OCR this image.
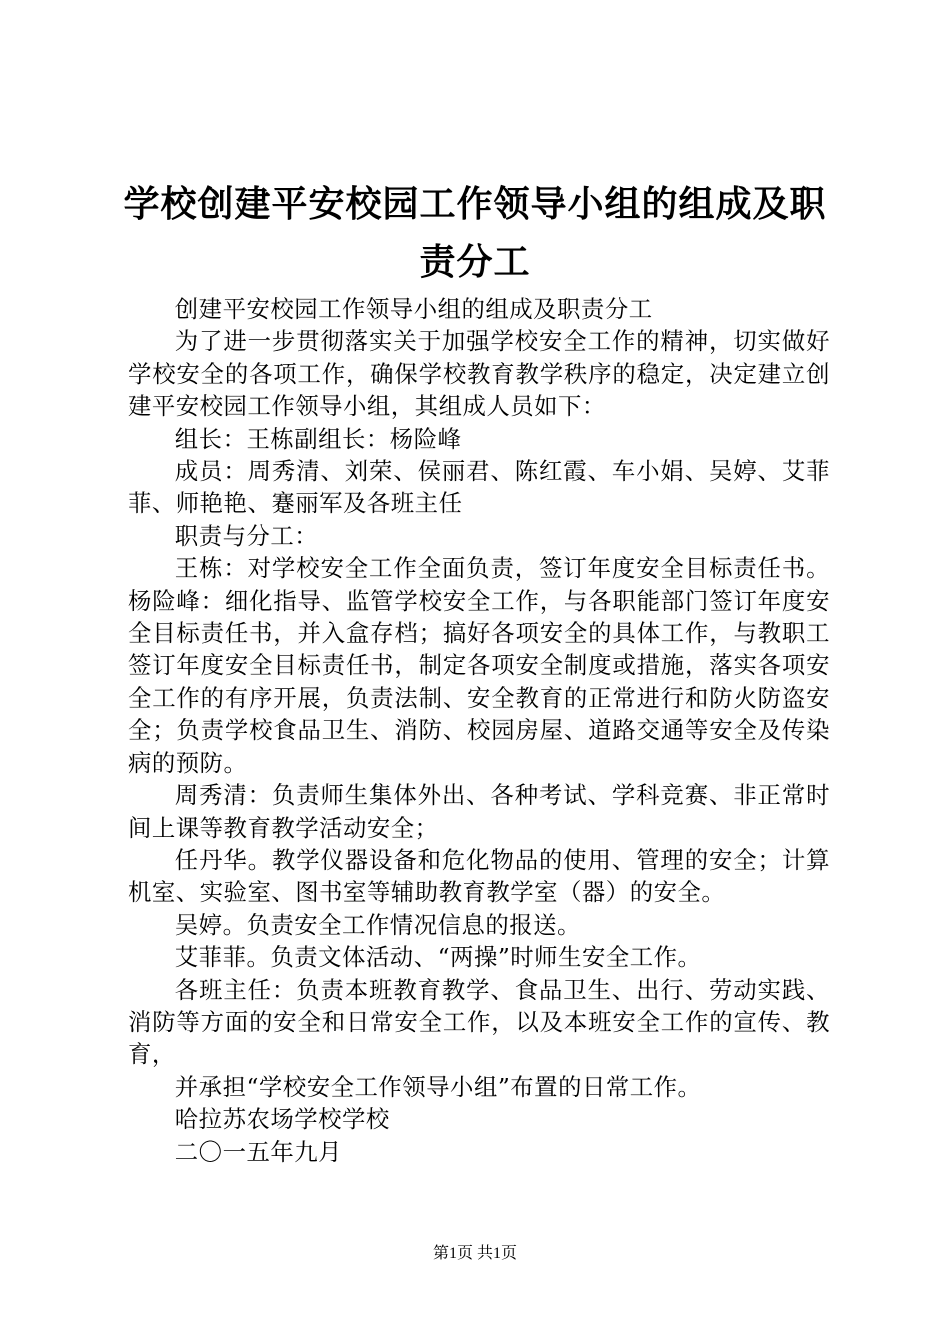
学校创建平安校园工作领导小组的组成及职责分工

创建平安校园工作领导小组的组成及职责分工

为了进一步贯彻落实关于加强学校安全工作的精神，切实做好学校安全的各项工作，确保学校教育教学秩序的稳定，决定建立创建平安校园工作领导小组，其组成人员如下：

组长：王栋副组长：杨险峰

成员：周秀清、刘荣、侯丽君、陈红霞、车小娟、吴婷、艾菲菲、师艳艳、蹇丽军及各班主任

职责与分工：

王栋：对学校安全工作全面负责，签订年度安全目标责任书。杨险峰：细化指导、监管学校安全工作，与各职能部门签订年度安全目标责任书，并入盒存档；搞好各项安全的具体工作，与教职工签订年度安全目标责任书，制定各项安全制度或措施，落实各项安全工作的有序开展，负责法制、安全教育的正常进行和防火防盗安全；负责学校食品卫生、消防、校园房屋、道路交通等安全及传染病的预防。

周秀清：负责师生集体外出、各种考试、学科竞赛、非正常时间上课等教育教学活动安全；

任丹华。教学仪器设备和危化物品的使用、管理的安全；计算机室、实验室、图书室等辅助教育教学室（器）的安全。

吴婷。负责安全工作情况信息的报送。

艾菲菲。负责文体活动、“两操”时师生安全工作。

各班主任：负责本班教育教学、食品卫生、出行、劳动实践、消防等方面的安全和日常安全工作，以及本班安全工作的宣传、教育，

并承担“学校安全工作领导小组”布置的日常工作。

哈拉苏农场学校学校

二〇一五年九月

第1页 共1页
